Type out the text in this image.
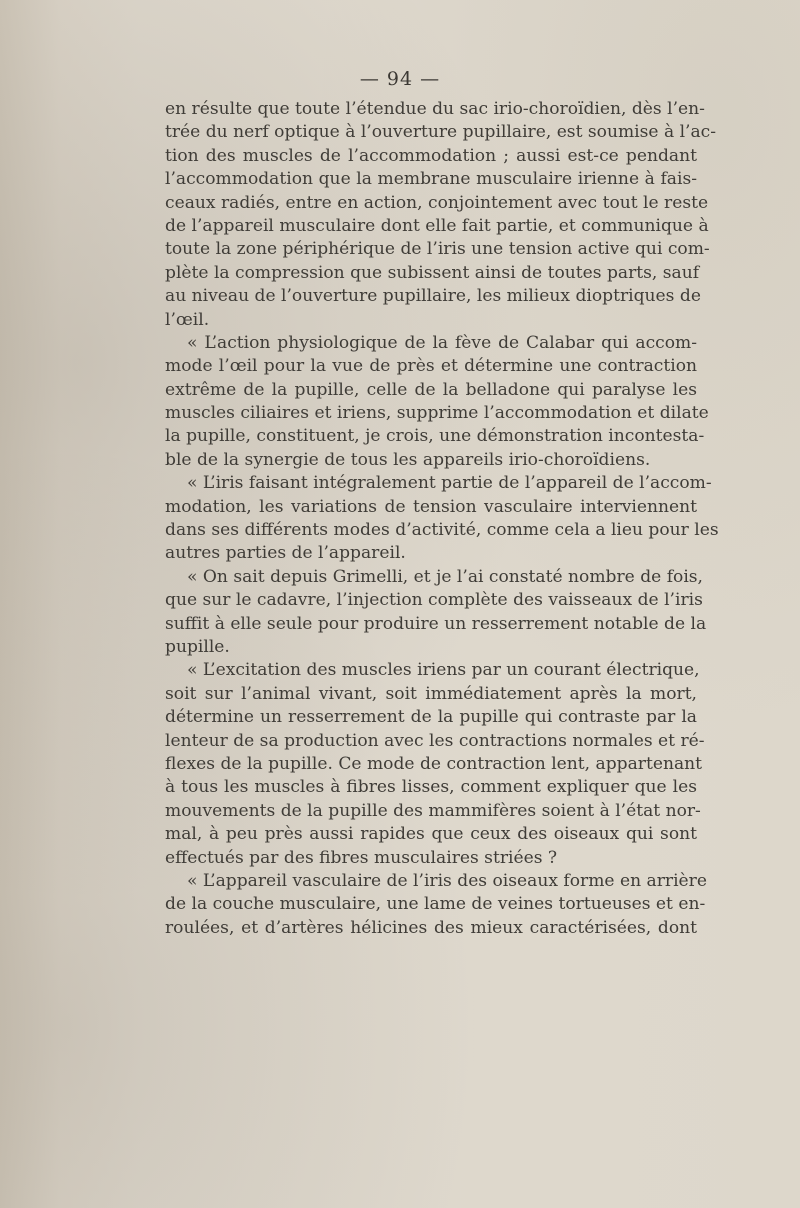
— 94 —
en résulte que toute l’étendue du sac irio-choroïdien, dès l’en-
trée du nerf optique à l’ouverture pupillaire, est soumise à l’ac-
tion des muscles de l’accommodation ; aussi est-ce pendant
l’accommodation que la membrane musculaire irienne à fais-
ceaux radiés, entre en action, conjointement avec tout le reste
de l’appareil musculaire dont elle fait partie, et communique à
toute la zone périphérique de l’iris une tension active qui com-
plète la compression que subissent ainsi de toutes parts, sauf
au niveau de l’ouverture pupillaire, les milieux dioptriques de
l’œil.
« L’action physiologique de la fève de Calabar qui accom-
mode l’œil pour la vue de près et détermine une contraction
extrême de la pupille, celle de la belladone qui paralyse les
muscles ciliaires et iriens, supprime l’accommodation et dilate
la pupille, constituent, je crois, une démonstration incontesta-
ble de la synergie de tous les appareils irio-choroïdiens.
« L’iris faisant intégralement partie de l’appareil de l’accom-
modation, les variations de tension vasculaire interviennent
dans ses différents modes d’activité, comme cela a lieu pour les
autres parties de l’appareil.
« On sait depuis Grimelli, et je l’ai constaté nombre de fois,
que sur le cadavre, l’injection complète des vaisseaux de l’iris
suffit à elle seule pour produire un resserrement notable de la
pupille.
« L’excitation des muscles iriens par un courant électrique,
soit sur l’animal vivant, soit immédiatement après la mort,
détermine un resserrement de la pupille qui contraste par la
lenteur de sa production avec les contractions normales et ré-
flexes de la pupille. Ce mode de contraction lent, appartenant
à tous les muscles à fibres lisses, comment expliquer que les
mouvements de la pupille des mammifères soient à l’état nor-
mal, à peu près aussi rapides que ceux des oiseaux qui sont
effectués par des fibres musculaires striées ?
« L’appareil vasculaire de l’iris des oiseaux forme en arrière
de la couche musculaire, une lame de veines tortueuses et en-
roulées, et d’artères hélicines des mieux caractérisées, dont
